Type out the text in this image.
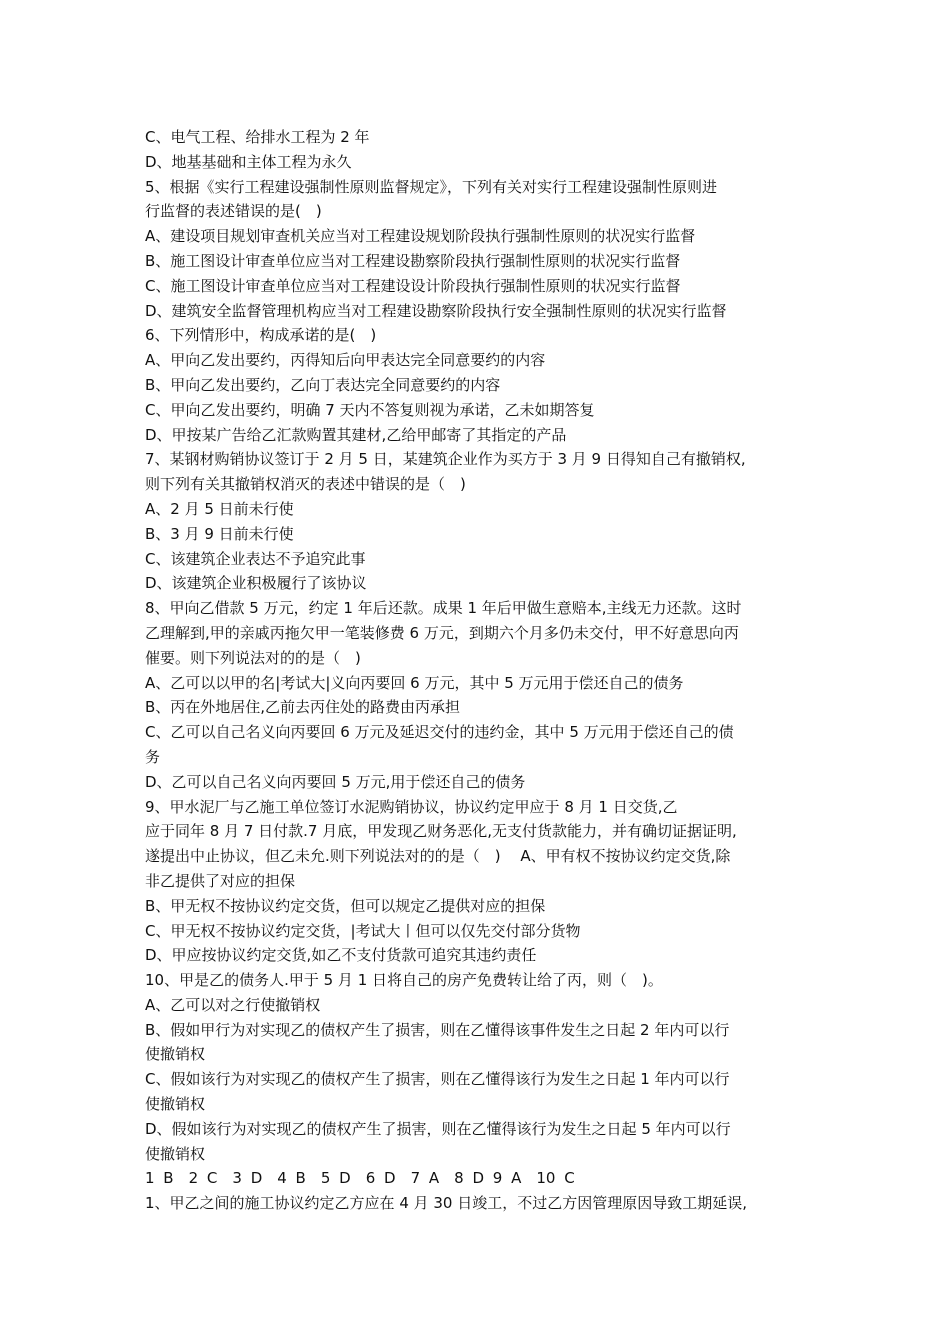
C、电气工程、给排水工程为 2 年
D、地基基础和主体工程为永久
5、根据《实行工程建设强制性原则监督规定》，下列有关对实行工程建设强制性原则进
行监督的表述错误的是(　)
A、建设项目规划审查机关应当对工程建设规划阶段执行强制性原则的状况实行监督
B、施工图设计审查单位应当对工程建设勘察阶段执行强制性原则的状况实行监督
C、施工图设计审查单位应当对工程建设设计阶段执行强制性原则的状况实行监督
D、建筑安全监督管理机构应当对工程建设勘察阶段执行安全强制性原则的状况实行监督
6、下列情形中，构成承诺的是(　)
A、甲向乙发出要约，丙得知后向甲表达完全同意要约的内容
B、甲向乙发出要约，乙向丁表达完全同意要约的内容
C、甲向乙发出要约，明确 7 天内不答复则视为承诺，乙未如期答复
D、甲按某广告给乙汇款购置其建材,乙给甲邮寄了其指定的产品
7、某钢材购销协议签订于 2 月 5 日，某建筑企业作为买方于 3 月 9 日得知自己有撤销权,
则下列有关其撤销权消灭的表述中错误的是（　)
A、2 月 5 日前未行使
B、3 月 9 日前未行使
C、该建筑企业表达不予追究此事
D、该建筑企业积极履行了该协议
8、甲向乙借款 5 万元，约定 1 年后还款。成果 1 年后甲做生意赔本,主线无力还款。这时
乙理解到,甲的亲戚丙拖欠甲一笔装修费 6 万元，到期六个月多仍未交付，甲不好意思向丙
催要。则下列说法对的的是（　)
A、乙可以以甲的名|考试大|义向丙要回 6 万元，其中 5 万元用于偿还自己的债务
B、丙在外地居住,乙前去丙住处的路费由丙承担
C、乙可以自己名义向丙要回 6 万元及延迟交付的违约金，其中 5 万元用于偿还自己的债
务
D、乙可以自己名义向丙要回 5 万元,用于偿还自己的债务
9、甲水泥厂与乙施工单位签订水泥购销协议，协议约定甲应于 8 月 1 日交货,乙
应于同年 8 月 7 日付款.7 月底，甲发现乙财务恶化,无支付货款能力，并有确切证据证明,
遂提出中止协议，但乙未允.则下列说法对的的是（　)　 A、甲有权不按协议约定交货,除
非乙提供了对应的担保
B、甲无权不按协议约定交货，但可以规定乙提供对应的担保
C、甲无权不按协议约定交货，|考试大丨但可以仅先交付部分货物
D、甲应按协议约定交货,如乙不支付货款可追究其违约责任
10、甲是乙的债务人.甲于 5 月 1 日将自己的房产免费转让给了丙，则（　)。
A、乙可以对之行使撤销权
B、假如甲行为对实现乙的债权产生了损害，则在乙懂得该事件发生之日起 2 年内可以行
使撤销权
C、假如该行为对实现乙的债权产生了损害，则在乙懂得该行为发生之日起 1 年内可以行
使撤销权
D、假如该行为对实现乙的债权产生了损害，则在乙懂得该行为发生之日起 5 年内可以行
使撤销权
1 B　2 C　3 D　4 B　5 D　6 D　7 A　8 D 9 A　10 C
1、甲乙之间的施工协议约定乙方应在 4 月 30 日竣工，不过乙方因管理原因导致工期延误,
